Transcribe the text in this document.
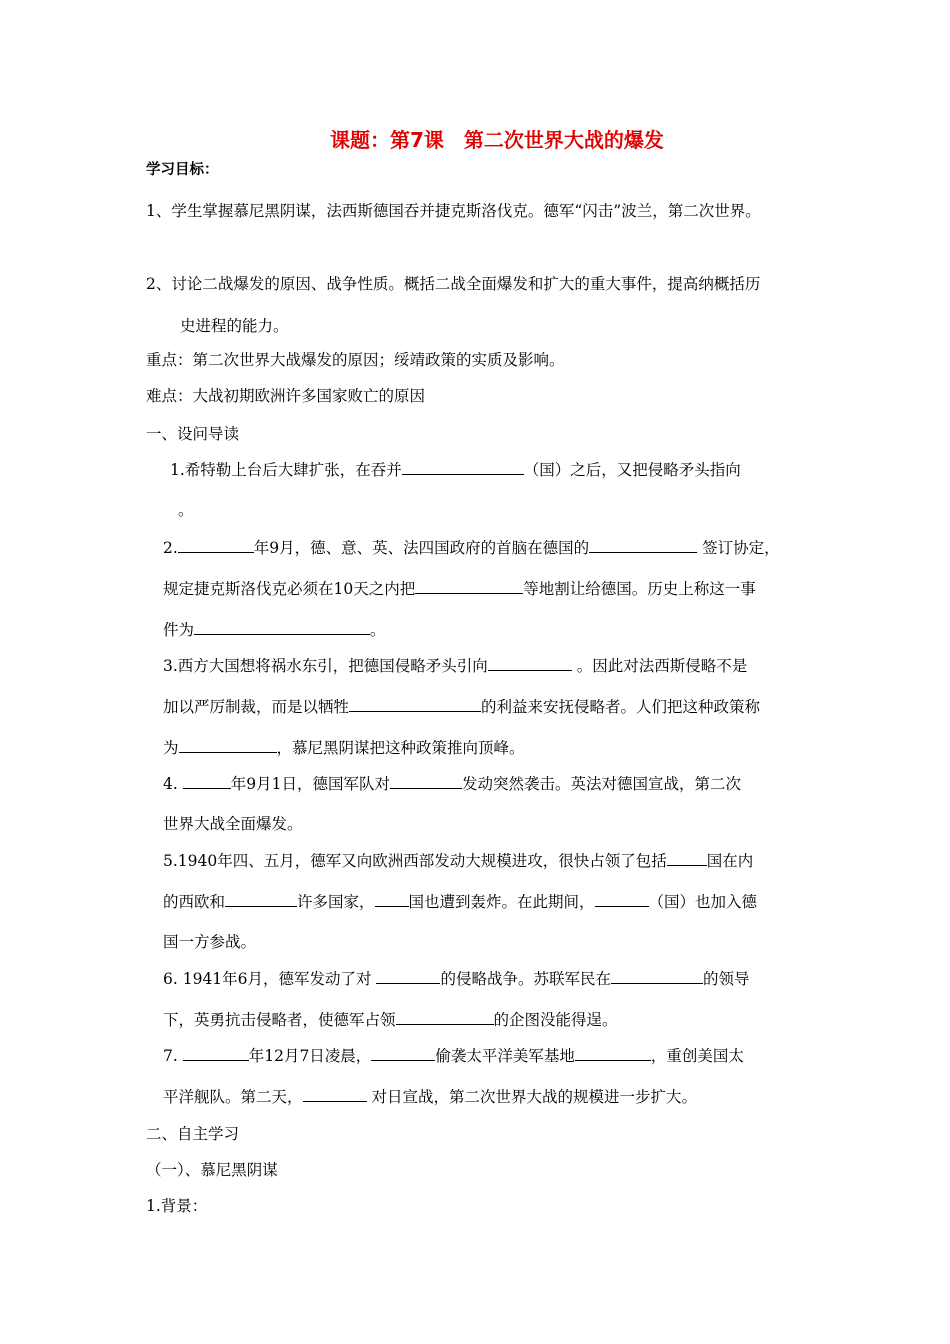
课题：第7课　第二次世界大战的爆发
学习目标：
1、学生掌握慕尼黑阴谋，法西斯德国吞并捷克斯洛伐克。德军“闪击”波兰，第二次世界。
2、讨论二战爆发的原因、战争性质。概括二战全面爆发和扩大的重大事件，提高纳概括历
史进程的能力。
重点：第二次世界大战爆发的原因；绥靖政策的实质及影响。
难点：大战初期欧洲许多国家败亡的原因
一、设问导读
1.希特勒上台后大肆扩张，在吞并	（国）之后，又把侵略矛头指向
。
2.	年9月，德、意、英、法四国政府的首脑在德国的	签订协定，
规定捷克斯洛伐克必须在10天之内把	等地割让给德国。历史上称这一事
件为	。
3.西方大国想将祸水东引，把德国侵略矛头引向	。因此对法西斯侵略不是
加以严厉制裁，而是以牺牲	的利益来安抚侵略者。人们把这种政策称
为	，慕尼黑阴谋把这种政策推向顶峰。
4.	年9月1日，德国军队对	发动突然袭击。英法对德国宣战，第二次
世界大战全面爆发。
5.1940年四、五月，德军又向欧洲西部发动大规模进攻，很快占领了包括	国在内
的西欧和	许多国家， 国也遭到轰炸。在此期间，	（国）也加入德
国一方参战。
6. 1941年6月，德军发动了对	的侵略战争。苏联军民在	的领导
下，英勇抗击侵略者，使德军占领	的企图没能得逞。
7.	年12月7日凌晨，	偷袭太平洋美军基地	，重创美国太
平洋舰队。第二天，	对日宣战，第二次世界大战的规模进一步扩大。
二、自主学习
（一）、慕尼黑阴谋
1.背景：
